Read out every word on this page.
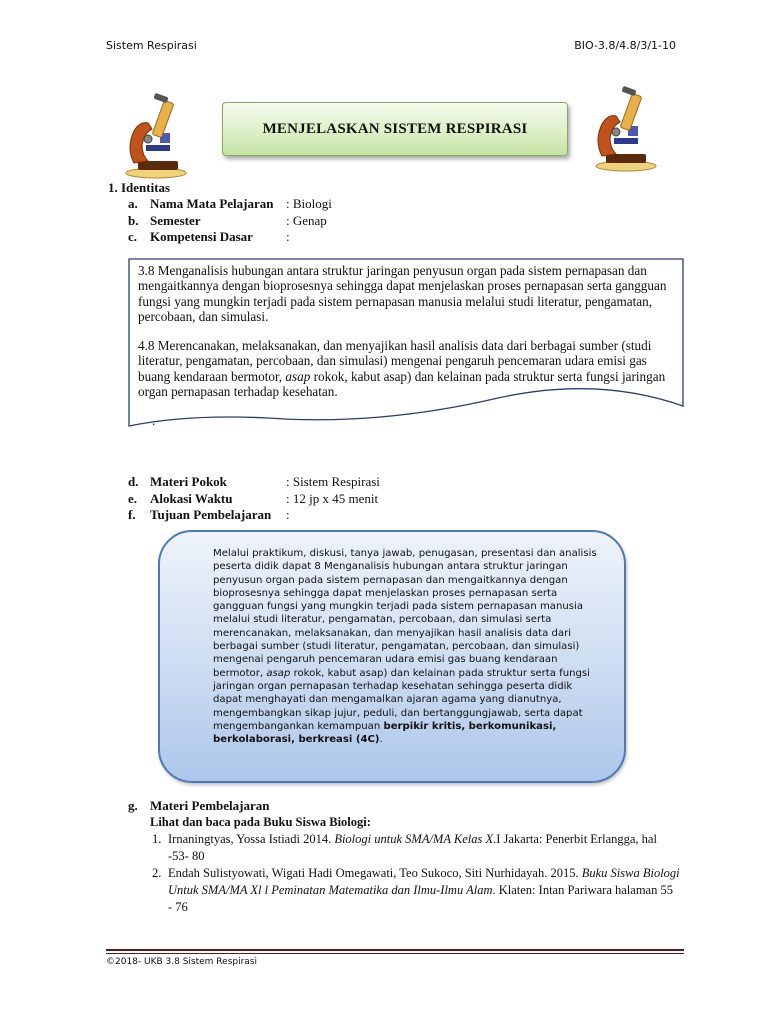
Sistem Respirasi	BIO-3.8/4.8/3/1-10
MENJELASKAN SISTEM RESPIRASI
1. Identitas
a. Nama Mata Pelajaran : Biologi
b. Semester	: Genap
c. Kompetensi Dasar	:
3.8 Menganalisis hubungan antara struktur jaringan penyusun organ pada sistem pernapasan dan mengaitkannya dengan bioprosesnya sehingga dapat menjelaskan proses pernapasan serta gangguan fungsi yang mungkin terjadi pada sistem pernapasan manusia melalui studi literatur, pengamatan, percobaan, dan simulasi.
4.8 Merencanakan, melaksanakan, dan menyajikan hasil analisis data dari berbagai sumber (studi literatur, pengamatan, percobaan, dan simulasi) mengenai pengaruh pencemaran udara emisi gas buang kendaraan bermotor, asap rokok, kabut asap) dan kelainan pada struktur serta fungsi jaringan organ pernapasan terhadap kesehatan.
.
d. Materi Pokok	: Sistem Respirasi
e. Alokasi Waktu	: 12 jp x 45 menit
f.	Tujuan Pembelajaran	:
Melalui praktikum, diskusi, tanya jawab, penugasan, presentasi dan analisis peserta didik dapat 8 Menganalisis hubungan antara struktur jaringan penyusun organ pada sistem pernapasan dan mengaitkannya dengan bioprosesnya sehingga dapat menjelaskan proses pernapasan serta gangguan fungsi yang mungkin terjadi pada sistem pernapasan manusia melalui studi literatur, pengamatan, percobaan, dan simulasi serta merencanakan, melaksanakan, dan menyajikan hasil analisis data dari berbagai sumber (studi literatur, pengamatan, percobaan, dan simulasi) mengenai pengaruh pencemaran udara emisi gas buang kendaraan bermotor, asap rokok, kabut asap) dan kelainan pada struktur serta fungsi jaringan organ pernapasan terhadap kesehatan sehingga peserta didik dapat menghayati dan mengamalkan ajaran agama yang dianutnya, mengembangkan sikap jujur, peduli, dan bertanggungjawab, serta dapat mengembangankan kemampuan berpikir kritis, berkomunikasi, berkolaborasi, berkreasi (4C).
g. Materi Pembelajaran
Lihat dan baca pada Buku Siswa Biologi:
1. Irnaningtyas, Yossa Istiadi 2014. Biologi untuk SMA/MA Kelas X.I Jakarta: Penerbit Erlangga, hal -53- 80
2. Endah Sulistyowati, Wigati Hadi Omegawati, Teo Sukoco, Siti Nurhidayah. 2015. Buku Siswa Biologi Untuk SMA/MA Xl l Peminatan Matematika dan Ilmu-Ilmu Alam. Klaten: Intan Pariwara halaman 55 - 76
©2018- UKB 3.8 Sistem Respirasi
